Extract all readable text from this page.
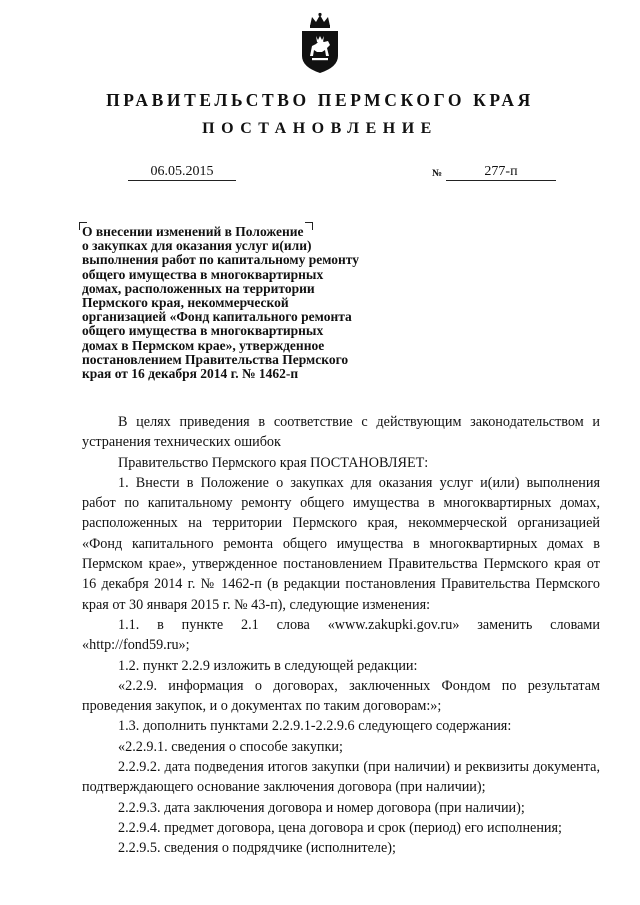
ПРАВИТЕЛЬСТВО ПЕРМСКОГО КРАЯ
ПОСТАНОВЛЕНИЕ
06.05.2015	№	277-п

О внесении изменений в Положение
о закупках для оказания услуг и(или)
выполнения работ по капитальному ремонту
общего имущества в многоквартирных
домах, расположенных на территории
Пермского края, некоммерческой
организацией «Фонд капитального ремонта
общего имущества в многоквартирных
домах в Пермском крае», утвержденное
постановлением Правительства Пермского
края от 16 декабря 2014 г. № 1462-п

В целях приведения в соответствие с действующим законодательством и устранения технических ошибок

Правительство Пермского края ПОСТАНОВЛЯЕТ:

1. Внести в Положение о закупках для оказания услуг и(или) выполнения работ по капитальному ремонту общего имущества в многоквартирных домах, расположенных на территории Пермского края, некоммерческой организацией «Фонд капитального ремонта общего имущества в многоквартирных домах в Пермском крае», утвержденное постановлением Правительства Пермского края от 16 декабря 2014 г. № 1462-п (в редакции постановления Правительства Пермского края от 30 января 2015 г. № 43-п), следующие изменения:

1.1. в пункте 2.1 слова «www.zakupki.gov.ru» заменить словами «http://fond59.ru»;

1.2. пункт 2.2.9 изложить в следующей редакции:

«2.2.9. информация о договорах, заключенных Фондом по результатам проведения закупок, и о документах по таким договорам:»;

1.3. дополнить пунктами 2.2.9.1-2.2.9.6 следующего содержания:

«2.2.9.1. сведения о способе закупки;

2.2.9.2. дата подведения итогов закупки (при наличии) и реквизиты документа, подтверждающего основание заключения договора (при наличии);

2.2.9.3. дата заключения договора и номер договора (при наличии);

2.2.9.4. предмет договора, цена договора и срок (период) его исполнения;

2.2.9.5. сведения о подрядчике (исполнителе);
